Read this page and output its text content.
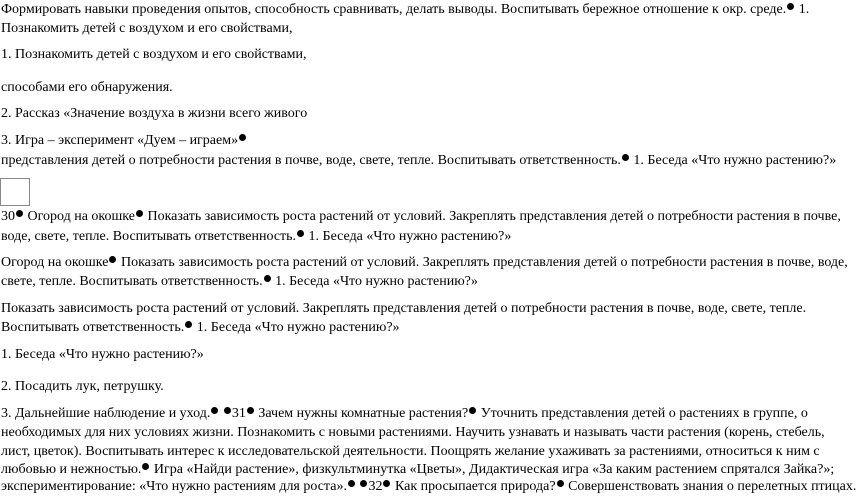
Формировать навыки проведения опытов, способность сравнивать, делать выводы. Воспитывать бережное отношение к окр. среде. 1.
Познакомить детей с воздухом и его свойствами,
1. Познакомить детей с воздухом и его свойствами,
способами его обнаружения.
2. Рассказ «Значение воздуха в жизни всего живого
3. Игра – эксперимент «Дуем – играем»
представления детей о потребности растения в почве, воде, свете, тепле. Воспитывать ответственность. 1. Беседа «Что нужно растению?»
30 Огород на окошке Показать зависимость роста растений от условий. Закреплять представления детей о потребности растения в почве,
воде, свете, тепле. Воспитывать ответственность. 1. Беседа «Что нужно растению?»
Огород на окошке Показать зависимость роста растений от условий. Закреплять представления детей о потребности растения в почве, воде,
свете, тепле. Воспитывать ответственность. 1. Беседа «Что нужно растению?»
Показать зависимость роста растений от условий. Закреплять представления детей о потребности растения в почве, воде, свете, тепле.
Воспитывать ответственность. 1. Беседа «Что нужно растению?»
1. Беседа «Что нужно растению?»
2. Посадить лук, петрушку.
3. Дальнейшие наблюдение и уход. 31 Зачем нужны комнатные растения? Уточнить представления детей о растениях в группе, о
необходимых для них условиях жизни. Познакомить с новыми растениями. Научить узнавать и называть части растения (корень, стебель,
лист, цветок). Воспитывать интерес к исследовательской деятельности. Поощрять желание ухаживать за растениями, относиться к ним с
любовью и нежностью. Игра «Найди растение», физкультминутка «Цветы», Дидактическая игра «За каким растением спрятался Зайка?»;
экспериментирование: «Что нужно растениям для роста». 32 Как просыпается природа? Совершенствовать знания о перелетных птицах.
